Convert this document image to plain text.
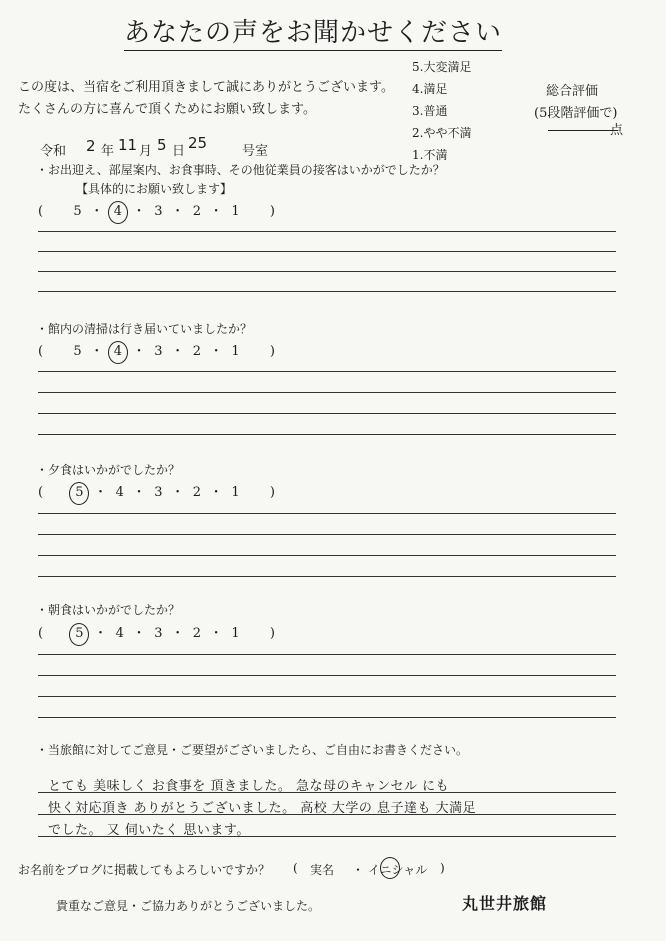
あなたの声をお聞かせください
この度は、当宿をご利用頂きまして誠にありがとうございます。
たくさんの方に喜んで頂くためにお願い致します。
5.大変満足
4.満足
3.普通
2.やや不満
1.不満
総合評価
(5段階評価で)
点
令和 2 年 11 月 5 日 25	号室
・お出迎え、部屋案内、お食事時、その他従業員の接客はいかがでしたか？
【具体的にお願い致します】
( 5 ・ 4 ・ 3 ・ 2 ・ 1 )
・館内の清掃は行き届いていましたか？
( 5 ・ 4 ・ 3 ・ 2 ・ 1 )
・夕食はいかがでしたか？
( 5 ・ 4 ・ 3 ・ 2 ・ 1 )
・朝食はいかがでしたか？
( 5 ・ 4 ・ 3 ・ 2 ・ 1 )
・当旅館に対してご意見・ご要望がございましたら、ご自由にお書きください。
とても 美味しく お食事を 頂きました。 急な母のキャンセル にも
快く対応頂き ありがとうございました。 高校 大学の 息子達も 大満足
でした。 又 伺いたく 思います。
お名前をブログに掲載してもよろしいですか？ ( 実名 ・ イニシャル )
貴重なご意見・ご協力ありがとうございました。	丸世井旅館
